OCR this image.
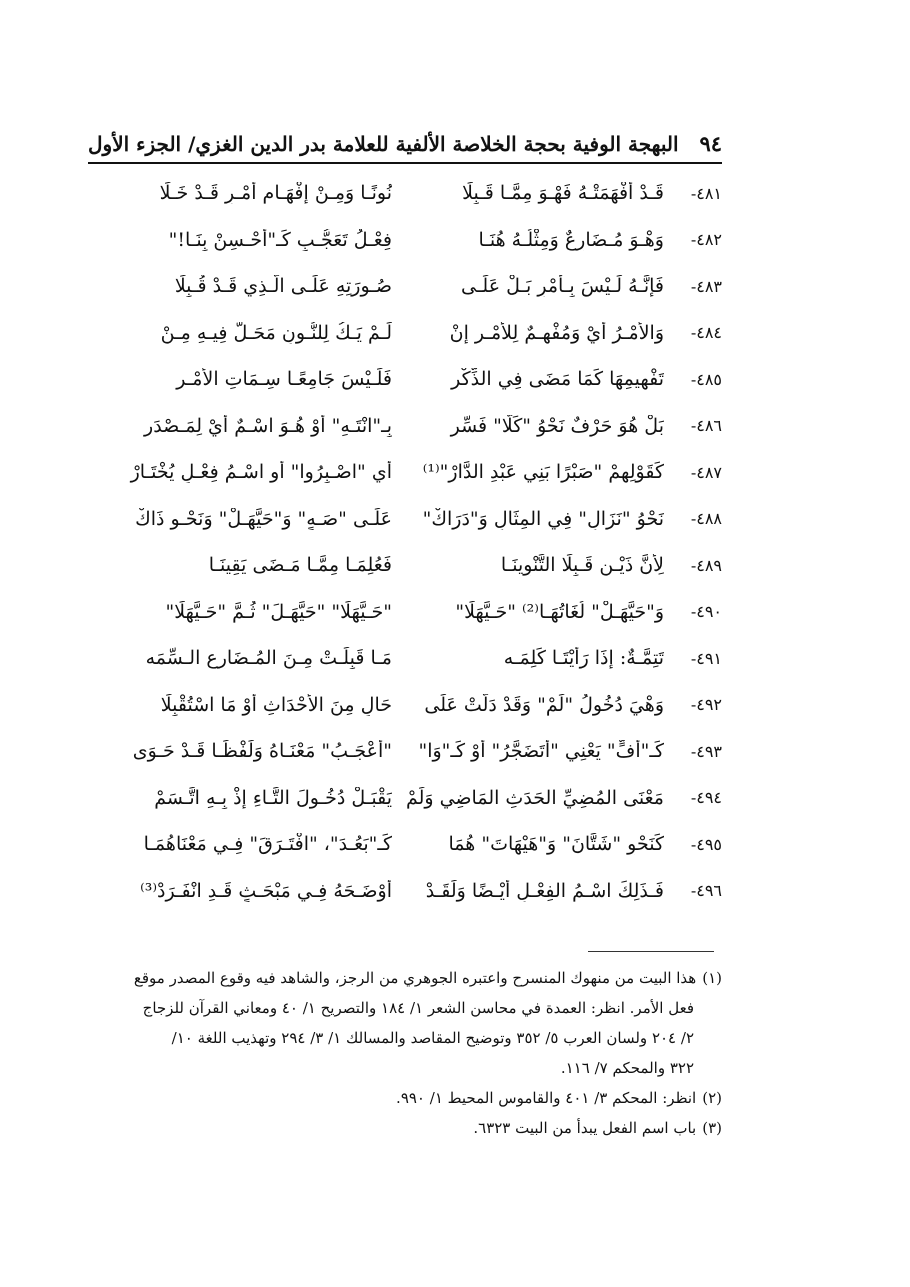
٩٤
البهجة الوفية بحجة الخلاصة الألفية للعلامة بدر الدين الغزي/ الجزء الأول
٤٨١-
قَـدْ أَفْهَمَتْـهُ فَهْـوَ مِمَّـا قَـبِلَا
نُونًـا وَمِـنْ إِفْهَـامِ أَمْـرٍ قَـدْ خَـلَا
٤٨٢-
وَهْـوَ مُـضَارِعٌ وَمِثْلُـهُ هُنَـا
فِعْـلُ تَعَجُّـبٍ كَـ"أَحْـسِنْ بِنَـا!"
٤٨٣-
فَإِنَّـهُ لَـيْسَ بِـأَمْرٍ بَـلْ عَلَـى
صُـورَتِهِ عَلَـى الَّـذِي قَـدْ قُـبِلَا
٤٨٤-
وَالأَمْـرُ أَيْ وَمُفْهِـمٌ لِلأَمْـرِ إِنْ
لَـمْ يَـكُ لِلنُّـونِ مَحَـلٌّ فِيـهِ مِـنْ
٤٨٥-
تَفْهِيمِهَا كَمَا مَضَى فِي الذِّكْرِ
فَلَـيْسَ جَامِعًـا سِـمَاتِ الأَمْـرِ
٤٨٦-
بَلْ هُوَ حَرْفٌ نَحْوُ "كَلَّا" فَسِّرِ
بِـ"انْتَـهِ" أَوْ هُـوَ اسْـمٌ أَيْ لِمَـصْدَرِ
٤٨٧-
كَقَوْلِهِمْ "صَبْرًا بَنِي عَبْدِ الدَّارْ"⁽¹⁾
أَيِ "اصْـبِرُوا" أَوِ اسْـمُ فِعْـلٍ يُخْتَـارْ
٤٨٨-
نَحْوُ "نَزَالِ" فِي المِثَالِ وَ"دَرَاكْ"
عَلَـى "صَـهٍ" وَ"حَيَّهَـلْ" وَنَحْـوِ ذَاكْ
٤٨٩-
لِأَنَّ ذَيْـنِ قَـبِلَا التَّنْوِينَـا
فَعُلِمَـا مِمَّـا مَـضَى يَقِينَـا
٤٩٠-
وَ"حَيَّهَـلْ" لُغَاتُهَـا⁽²⁾ "حَـيَّهَلَا"
"حَـيَّهَلًا" "حَيَّهَـلَ" ثُـمَّ "حَـيَّهَلَا"
٤٩١-
تَتِمَّـةٌ: إِذَا رَأَيْتَـا كَلِمَـه
مَـا قَبِلَـتْ مِـنَ المُـضَارِعِ الـسِّمَه
٤٩٢-
وَهْيَ دُخُولُ "لَمْ" وَقَدْ دَلَّتْ عَلَى
حَالٍ مِنَ الأَحْدَاثِ أَوْ مَا اسْتُقْبِلَا
٤٩٣-
كَـ"أُفٍّ" يَعْنِي "أَتَضَجَّرُ" أَوْ كَـ"وَا"
"أَعْجَـبُ" مَعْنَـاهُ وَلَفْظًـا قَـدْ حَـوَى
٤٩٤-
مَعْنَى المُضِيِّ الحَدَثِ المَاضِي وَلَمْ
يَقْبَـلْ دُخُـولَ التَّـاءِ إِذْ بِـهِ اتَّـسَمْ
٤٩٥-
كَنَحْوِ "شَتَّانَ" وَ"هَيْهَاتَ" هُمَا
كَـ"بَعُـدَ"، "افْتَـرَقَ" فِـي مَعْنَاهُمَـا
٤٩٦-
فَـذَلِكَ اسْـمُ الفِعْـلِ أَيْـضًا وَلَقَـدْ
أَوْضَـحَهُ فِـي مَبْحَـثٍ قَـدِ انْفَـرَدْ⁽³⁾
(١)هذا البيت من منهوك المنسرح واعتبره الجوهري من الرجز، والشاهد فيه وقوع المصدر موقع
فعل الأمر. انظر: العمدة في محاسن الشعر ١/ ١٨٤ والتصريح ١/ ٤٠ ومعاني القرآن للزجاج
٢/ ٢٠٤ ولسان العرب ٥/ ٣٥٢ وتوضيح المقاصد والمسالك ١/ ٣/ ٢٩٤ وتهذيب اللغة ١٠/
٣٢٢ والمحكم ٧/ ١١٦.
(٢)انظر: المحكم ٣/ ٤٠١ والقاموس المحيط ١/ ٩٩٠.
(٣)باب اسم الفعل يبدأ من البيت ٦٣٢٣.
